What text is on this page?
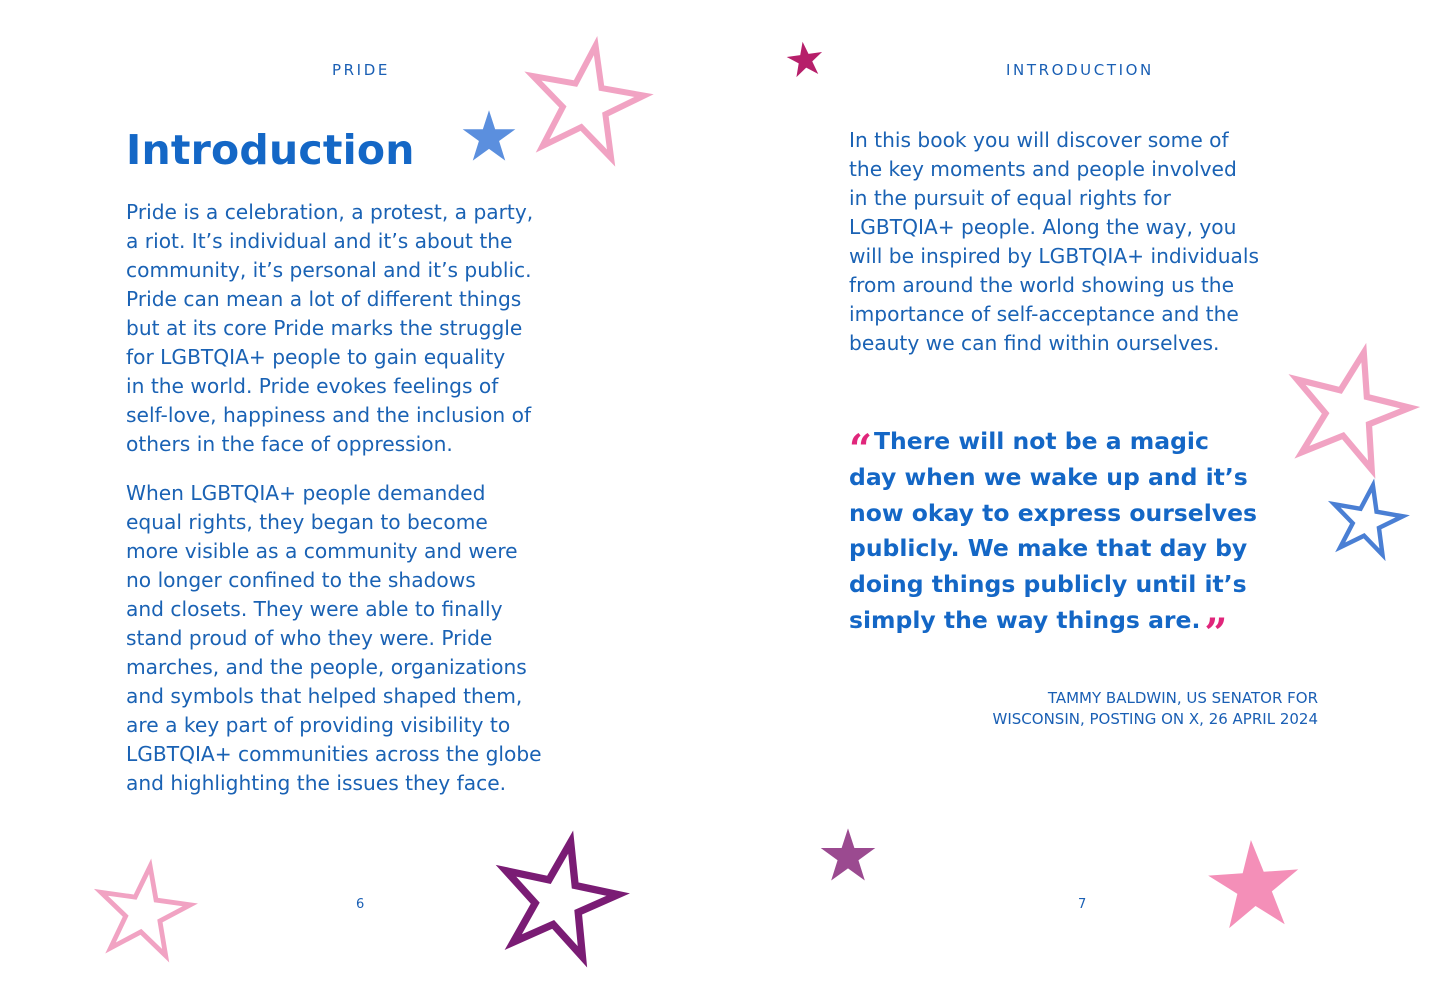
PRIDE

Introduction

Pride is a celebration, a protest, a party,
a riot. It’s individual and it’s about the
community, it’s personal and it’s public.
Pride can mean a lot of different things
but at its core Pride marks the struggle
for LGBTQIA+ people to gain equality
in the world. Pride evokes feelings of
self-love, happiness and the inclusion of
others in the face of oppression.

When LGBTQIA+ people demanded
equal rights, they began to become
more visible as a community and were
no longer confined to the shadows
and closets. They were able to finally
stand proud of who they were. Pride
marches, and the people, organizations
and symbols that helped shaped them,
are a key part of providing visibility to
LGBTQIA+ communities across the globe
and highlighting the issues they face.

6

INTRODUCTION

In this book you will discover some of
the key moments and people involved
in the pursuit of equal rights for
LGBTQIA+ people. Along the way, you
will be inspired by LGBTQIA+ individuals
from around the world showing us the
importance of self-acceptance and the
beauty we can find within ourselves.

“There will not be a magic
day when we wake up and it’s
now okay to express ourselves
publicly. We make that day by
doing things publicly until it’s
simply the way things are. ”

TAMMY BALDWIN, US SENATOR FOR
WISCONSIN, POSTING ON X, 26 APRIL 2024

7
